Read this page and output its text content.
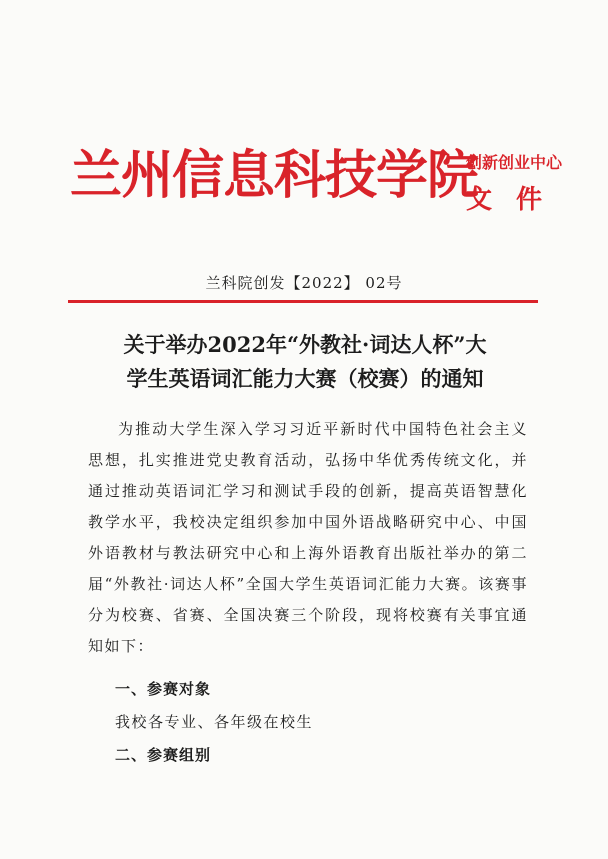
兰州信息科技学院
创新创业中心
文件
兰科院创发【2022】 02号
关于举办2022年“外教社·词达人杯”大
学生英语词汇能力大赛（校赛）的通知

为推动大学生深入学习习近平新时代中国特色社会主义思想，扎实推进党史教育活动，弘扬中华优秀传统文化，并通过推动英语词汇学习和测试手段的创新，提高英语智慧化教学水平，我校决定组织参加中国外语战略研究中心、中国外语教材与教法研究中心和上海外语教育出版社举办的第二届“外教社·词达人杯”全国大学生英语词汇能力大赛。该赛事分为校赛、省赛、全国决赛三个阶段，现将校赛有关事宜通知如下：

一、参赛对象
我校各专业、各年级在校生
二、参赛组别
